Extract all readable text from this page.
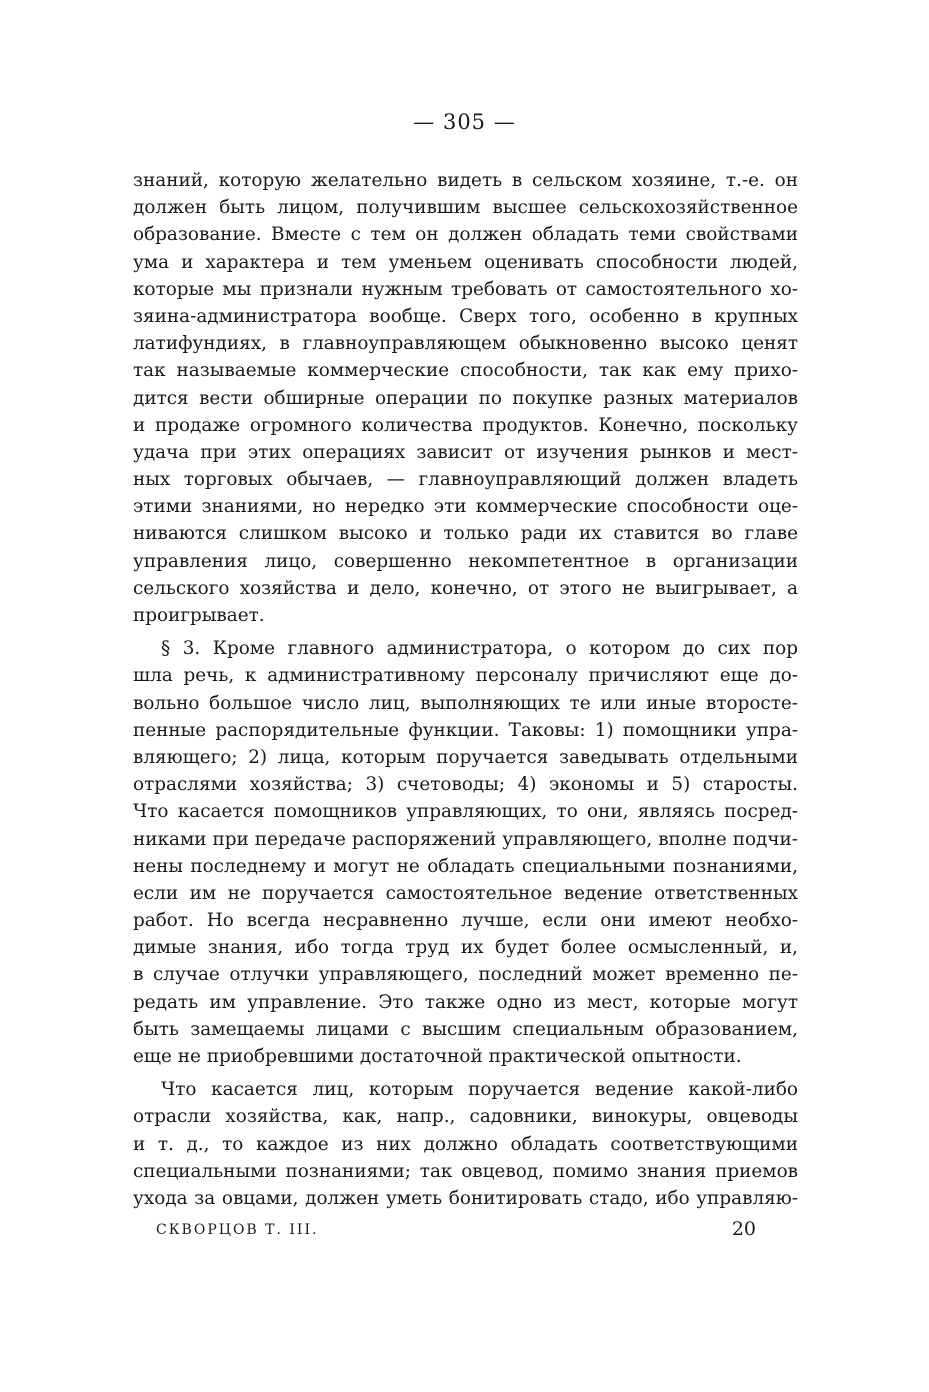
— 305 —
знаний, которую желательно видеть в сельском хозяине, т.-е. он
должен быть лицом, получившим высшее сельскохозяйственное
образование. Вместе с тем он должен обладать теми свойствами
ума и характера и тем уменьем оценивать способности людей,
которые мы признали нужным требовать от самостоятельного хо-
зяина-администратора вообще. Сверх того, особенно в крупных
латифундиях, в главноуправляющем обыкновенно высоко ценят
так называемые коммерческие способности, так как ему прихо-
дится вести обширные операции по покупке разных материалов
и продаже огромного количества продуктов. Конечно, поскольку
удача при этих операциях зависит от изучения рынков и мест-
ных торговых обычаев, — главноуправляющий должен владеть
этими знаниями, но нередко эти коммерческие способности оце-
ниваются слишком высоко и только ради их ставится во главе
управления лицо, совершенно некомпетентное в организации
сельского хозяйства и дело, конечно, от этого не выигрывает, а
проигрывает.
§ 3. Кроме главного администратора, о котором до сих пор
шла речь, к административному персоналу причисляют еще до-
вольно большое число лиц, выполняющих те или иные второсте-
пенные распорядительные функции. Таковы: 1) помощники упра-
вляющего; 2) лица, которым поручается заведывать отдельными
отраслями хозяйства; 3) счетоводы; 4) экономы и 5) старосты.
Что касается помощников управляющих, то они, являясь посред-
никами при передаче распоряжений управляющего, вполне подчи-
нены последнему и могут не обладать специальными познаниями,
если им не поручается самостоятельное ведение ответственных
работ. Но всегда несравненно лучше, если они имеют необхо-
димые знания, ибо тогда труд их будет более осмысленный, и,
в случае отлучки управляющего, последний может временно пе-
редать им управление. Это также одно из мест, которые могут
быть замещаемы лицами с высшим специальным образованием,
еще не приобревшими достаточной практической опытности.
Что касается лиц, которым поручается ведение какой-либо
отрасли хозяйства, как, напр., садовники, винокуры, овцеводы
и т. д., то каждое из них должно обладать соответствующими
специальными познаниями; так овцевод, помимо знания приемов
ухода за овцами, должен уметь бонитировать стадо, ибо управляю-
СКВОРЦОВ Т. III.	20
